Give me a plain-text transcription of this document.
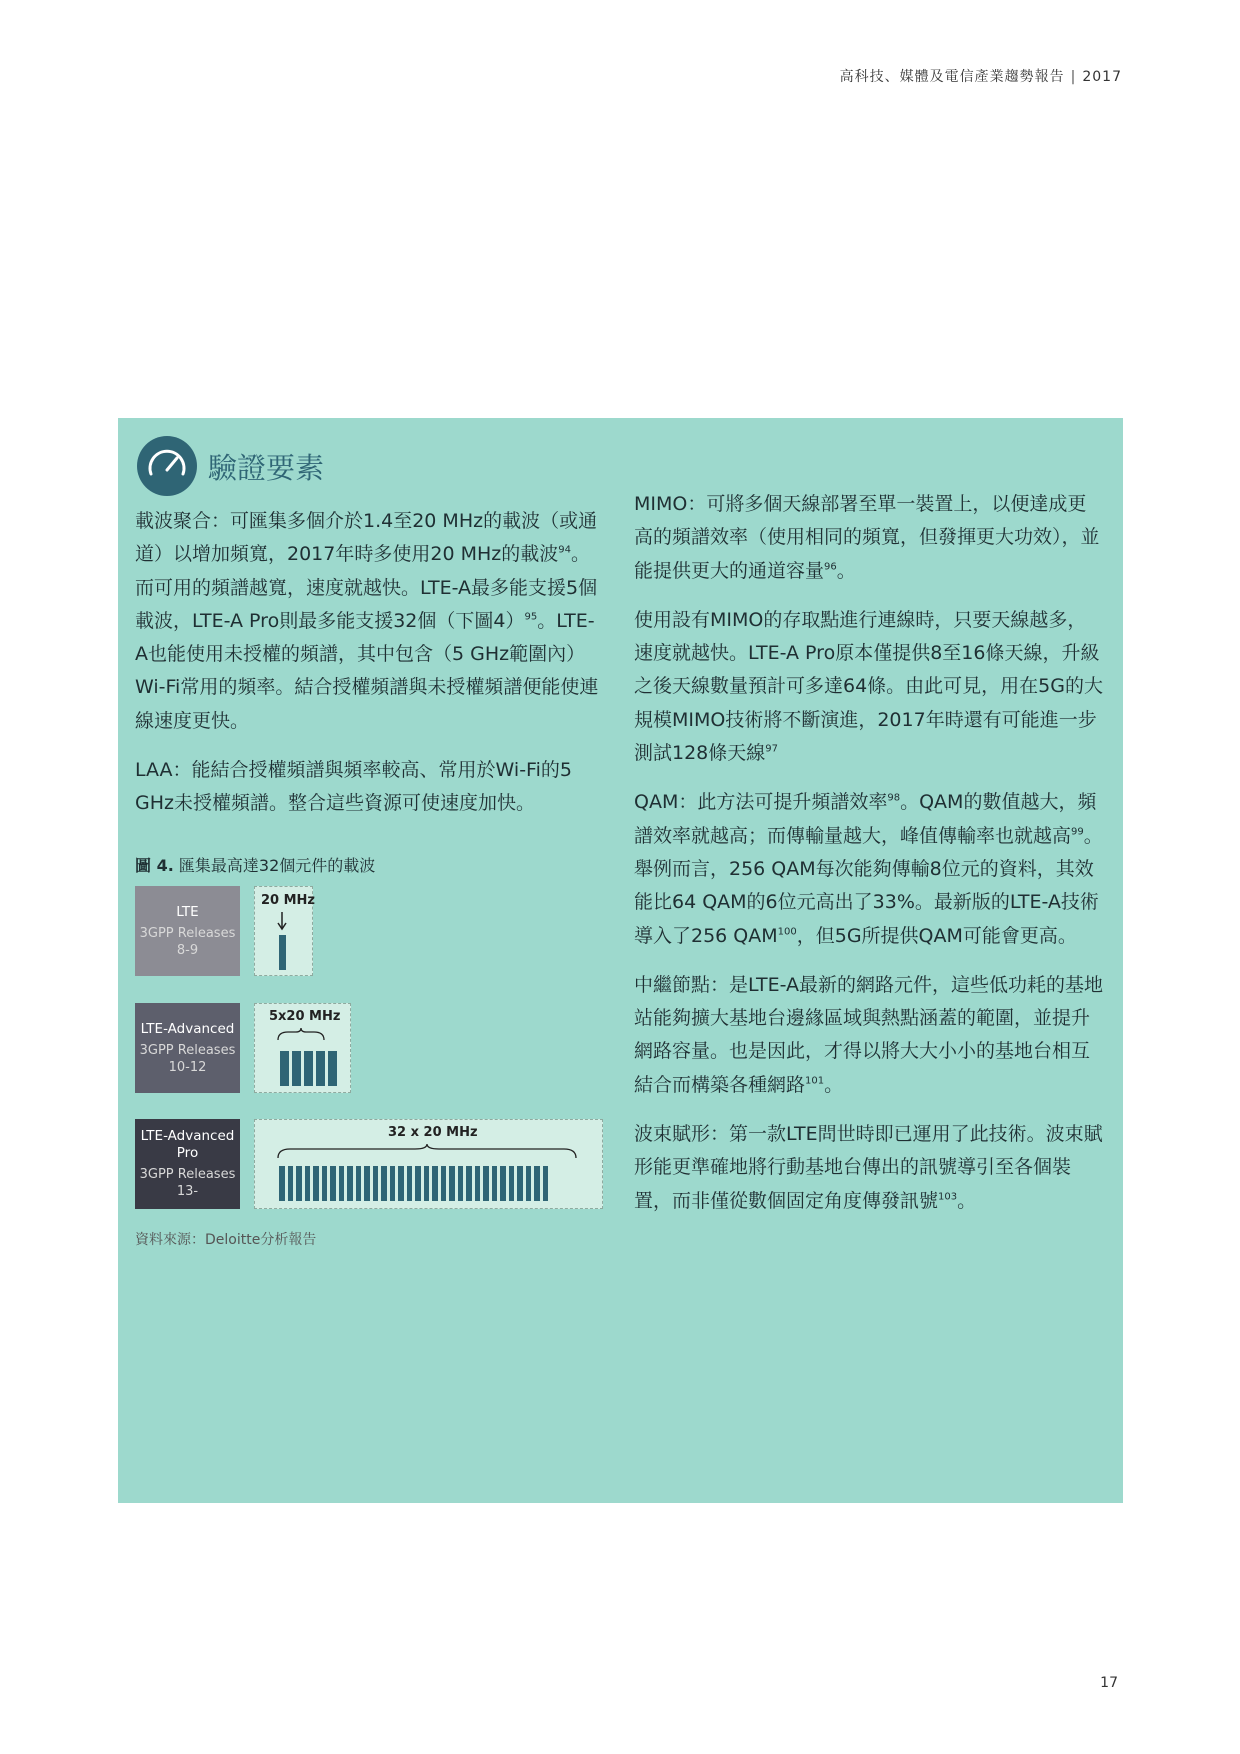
高科技、媒體及電信產業趨勢報告 | 2017
驗證要素

載波聚合：可匯集多個介於1.4至20 MHz的載波（或通道）以增加頻寬，2017年時多使用20 MHz的載波$^{94}$。而可用的頻譜越寬，速度就越快。LTE-A最多能支援5個載波，LTE-A Pro則最多能支援32個（下圖4）$^{95}$。LTE-A也能使用未授權的頻譜，其中包含（5 GHz範圍內）Wi-Fi常用的頻率。結合授權頻譜與未授權頻譜便能使連線速度更快。

LAA：能結合授權頻譜與頻率較高、常用於Wi-Fi的5 GHz未授權頻譜。整合這些資源可使速度加快。

圖 4. 匯集最高達32個元件的載波
LTE
3GPP Releases
8-9
20 MHz
LTE-Advanced
3GPP Releases
10-12
5x20 MHz
LTE-Advanced Pro
3GPP Releases
13-
32 x 20 MHz
資料來源：Deloitte分析報告

MIMO：可將多個天線部署至單一裝置上，以便達成更高的頻譜效率（使用相同的頻寬，但發揮更大功效），並能提供更大的通道容量$^{96}$。

使用設有MIMO的存取點進行連線時，只要天線越多，速度就越快。LTE-A Pro原本僅提供8至16條天線，升級之後天線數量預計可多達64條。由此可見，用在5G的大規模MIMO技術將不斷演進，2017年時還有可能進一步測試128條天線$^{97}$

QAM：此方法可提升頻譜效率$^{98}$。QAM的數值越大，頻譜效率就越高；而傳輸量越大，峰值傳輸率也就越高$^{99}$。舉例而言，256 QAM每次能夠傳輸8位元的資料，其效能比64 QAM的6位元高出了33%。最新版的LTE-A技術導入了256 QAM$^{100}$，但5G所提供QAM可能會更高。

中繼節點：是LTE-A最新的網路元件，這些低功耗的基地站能夠擴大基地台邊緣區域與熱點涵蓋的範圍，並提升網路容量。也是因此，才得以將大大小小的基地台相互結合而構築各種網路$^{101}$。

波束賦形：第一款LTE問世時即已運用了此技術。波束賦形能更準確地將行動基地台傳出的訊號導引至各個裝置，而非僅從數個固定角度傳發訊號$^{103}$。

17
